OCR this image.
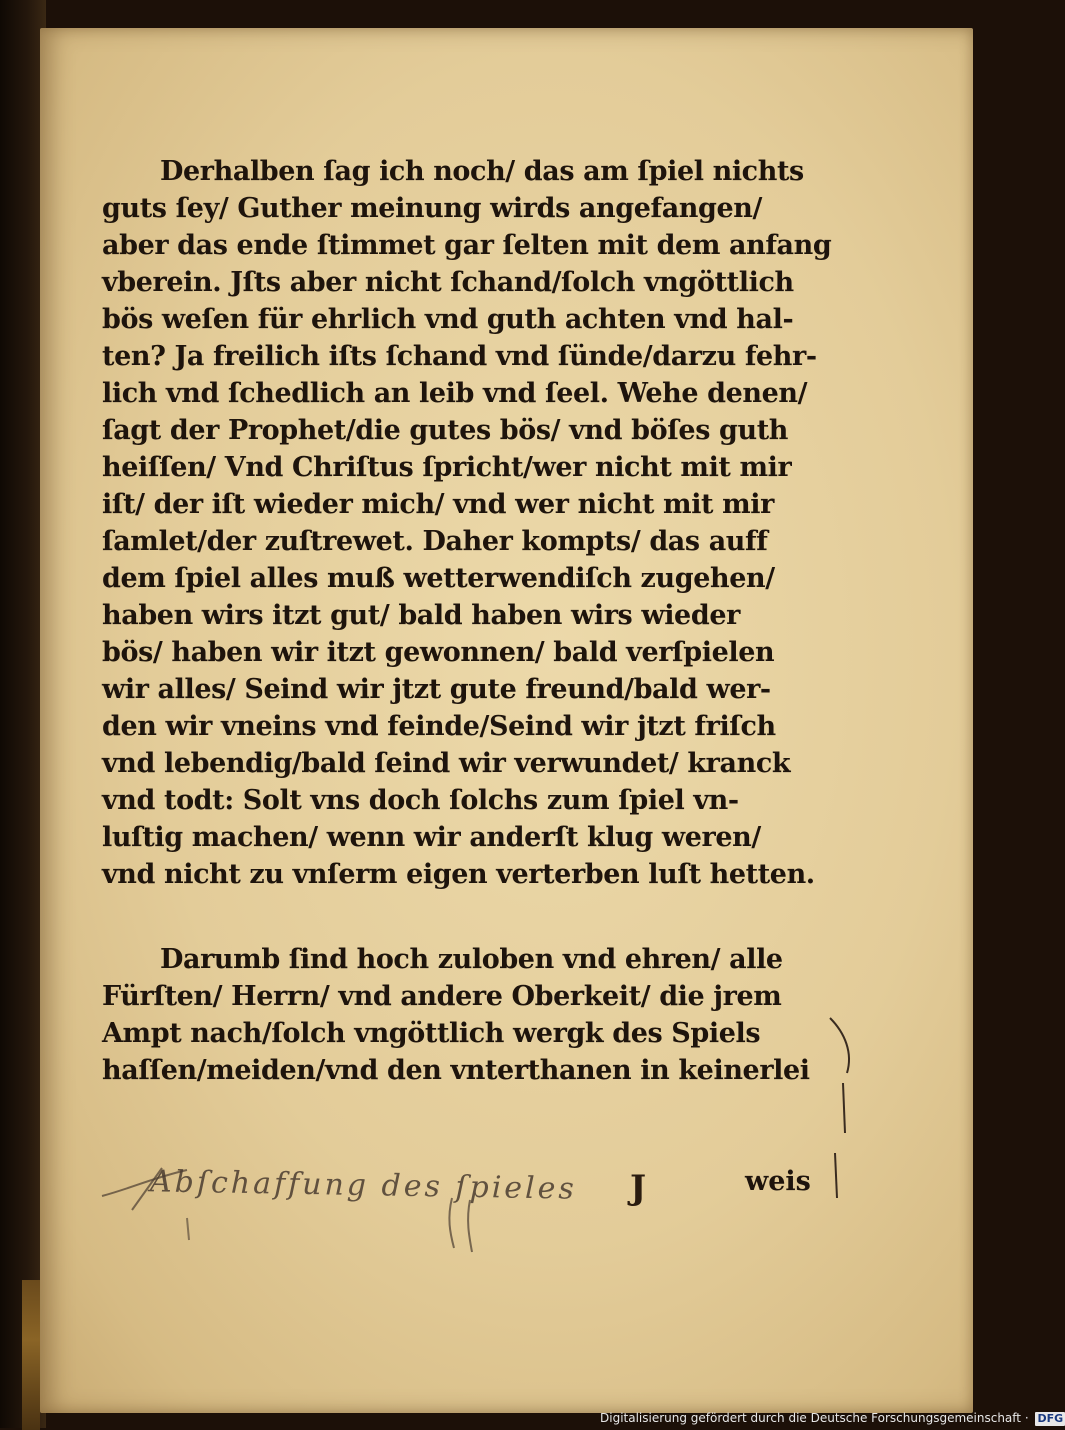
Derhalben ſag ich noch/ das am ſpiel nichts
guts ſey/ Guther meinung wirds angefangen/
aber das ende ſtimmet gar ſelten mit dem anfang
vberein. Jſts aber nicht ſchand/ſolch vngöttlich
bös weſen für ehrlich vnd guth achten vnd hal-
ten? Ja freilich iſts ſchand vnd ſünde/darzu fehr-
lich vnd ſchedlich an leib vnd ſeel. Wehe denen/
ſagt der Prophet/die gutes bös/ vnd böſes guth
heiſſen/ Vnd Chriſtus ſpricht/wer nicht mit mir
iſt/ der iſt wieder mich/ vnd wer nicht mit mir
ſamlet/der zuſtrewet. Daher kompts/ das auff
dem ſpiel alles muß wetterwendiſch zugehen/
haben wirs itzt gut/ bald haben wirs wieder
bös/ haben wir itzt gewonnen/ bald verſpielen
wir alles/ Seind wir jtzt gute freund/bald wer-
den wir vneins vnd feinde/Seind wir jtzt friſch
vnd lebendig/bald ſeind wir verwundet/ kranck
vnd todt: Solt vns doch ſolchs zum ſpiel vn-
luſtig machen/ wenn wir anderſt klug weren/
vnd nicht zu vnſerm eigen verterben luſt hetten.
Darumb ſind hoch zuloben vnd ehren/ alle
Fürſten/ Herrn/ vnd andere Oberkeit/ die jrem
Ampt nach/ſolch vngöttlich wergk des Spiels
haſſen/meiden/vnd den vnterthanen in keinerlei
Abſchaffung des ſpieles J	weis
Digitalisierung gefördert durch die Deutsche Forschungsgemeinschaft · DFG
